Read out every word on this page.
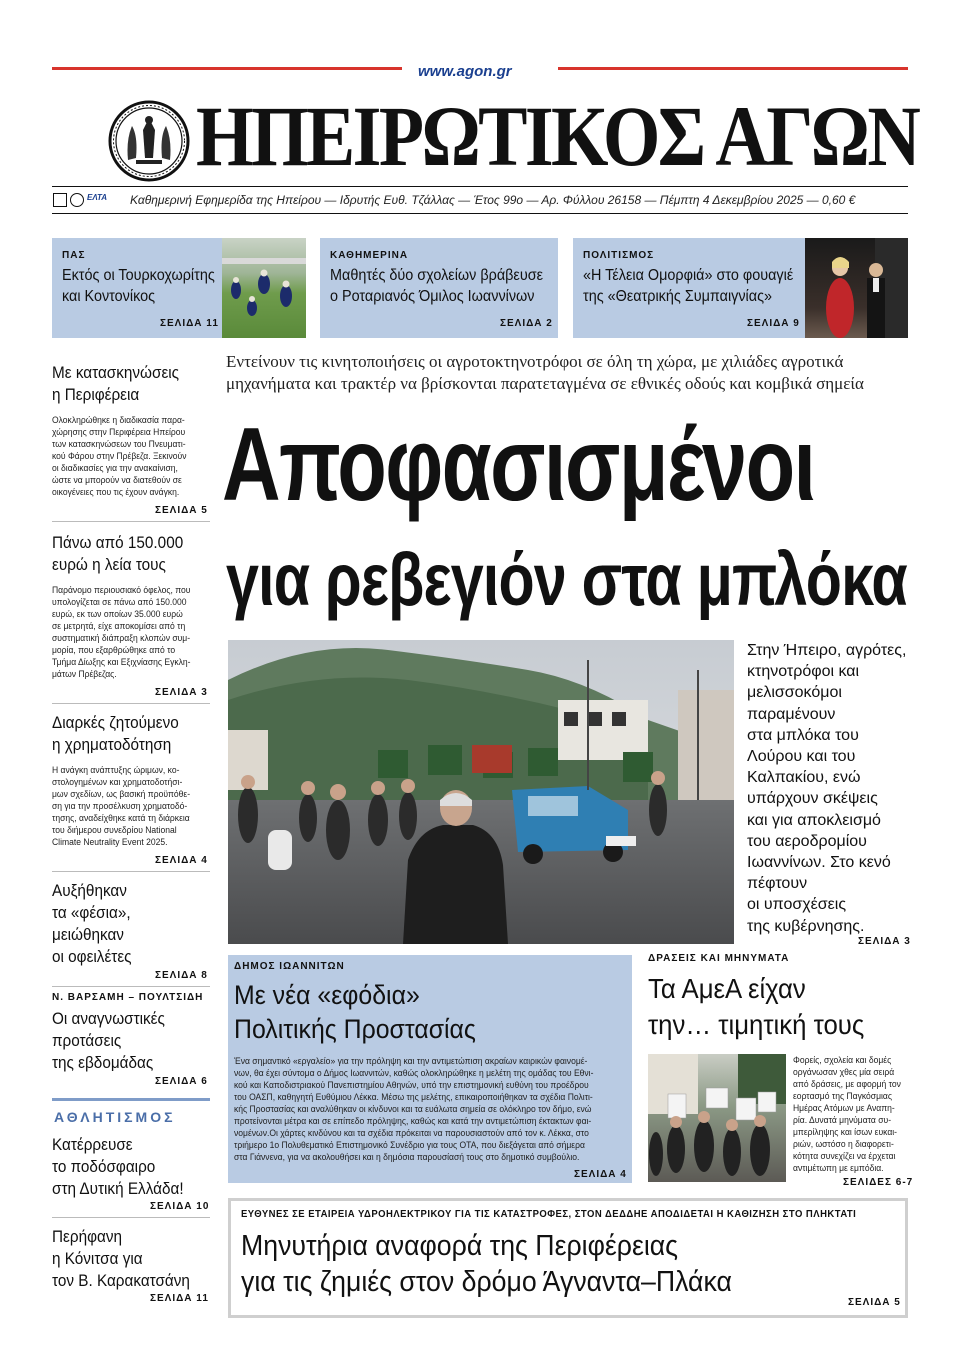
www.agon.gr
ΗΠΕΙΡΩΤΙΚΟΣ ΑΓΩΝ
ΕΛΤΑ Καθημερινή Εφημερίδα της Ηπείρου — Ιδρυτής Ευθ. Τζάλλας — Έτος 99ο — Αρ. Φύλλου 26158 — Πέμπτη 4 Δεκεμβρίου 2025 — 0,60 €
ΠΑΣ
Εκτός οι Τουρκοχωρίτης
και Κοντονίκος
ΣΕΛΙΔΑ 11
ΚΑΘΗΜΕΡΙΝΑ
Μαθητές δύο σχολείων βράβευσε
ο Ροταριανός Όμιλος Ιωαννίνων
ΣΕΛΙΔΑ 2
ΠΟΛΙΤΙΣΜΟΣ
«Η Τέλεια Ομορφιά» στο φουαγιέ
της «Θεατρικής Συμπαιγνίας»
ΣΕΛΙΔΑ 9
Με κατασκηνώσεις
η Περιφέρεια
Ολοκληρώθηκε η διαδικασία παρα-
χώρησης στην Περιφέρεια Ηπείρου
των κατασκηνώσεων του Πνευματι-
κού Φάρου στην Πρέβεζα. Ξεκινούν
οι διαδικασίες για την ανακαίνιση,
ώστε να μπορούν να διατεθούν σε
οικογένειες που τις έχουν ανάγκη.
ΣΕΛΙΔΑ 5
Πάνω από 150.000
ευρώ η λεία τους
Παράνομο περιουσιακό όφελος, που
υπολογίζεται σε πάνω από 150.000
ευρώ, εκ των οποίων 35.000 ευρώ
σε μετρητά, είχε αποκομίσει από τη
συστηματική διάπραξη κλοπών συμ-
μορία, που εξαρθρώθηκε από το
Τμήμα Δίωξης και Εξιχνίασης Εγκλη-
μάτων Πρέβεζας.
ΣΕΛΙΔΑ 3
Διαρκές ζητούμενο
η χρηματοδότηση
Η ανάγκη ανάπτυξης ώριμων, κο-
στολογημένων και χρηματοδοτήσι-
μων σχεδίων, ως βασική προϋπόθε-
ση για την προσέλκυση χρηματοδό-
τησης, αναδείχθηκε κατά τη διάρκεια
του διήμερου συνεδρίου National
Climate Neutrality Event 2025.
ΣΕΛΙΔΑ 4
Αυξήθηκαν
τα «φέσια»,
μειώθηκαν
οι οφειλέτες
ΣΕΛΙΔΑ 8
Ν. ΒΑΡΣΑΜΗ – ΠΟΥΛΤΣΙΔΗ
Οι αναγνωστικές
προτάσεις
της εβδομάδας
ΣΕΛΙΔΑ 6
ΑΘΛΗΤΙΣΜΟΣ
Κατέρρευσε
το ποδόσφαιρο
στη Δυτική Ελλάδα!
ΣΕΛΙΔΑ 10
Περήφανη
η Κόνιτσα για
τον Β. Καρακατσάνη
ΣΕΛΙΔΑ 11
Εντείνουν τις κινητοποιήσεις οι αγροτοκτηνοτρόφοι σε όλη τη χώρα, με χιλιάδες αγροτικά μηχανήματα και τρακτέρ να βρίσκονται παρατεταγμένα σε εθνικές οδούς και κομβικά σημεία
Αποφασισμένοι
για ρεβεγιόν στα μπλόκα
Στην Ήπειρο, αγρότες,
κτηνοτρόφοι και
μελισσοκόμοι
παραμένουν
στα μπλόκα του
Λούρου και του
Καλπακίου, ενώ
υπάρχουν σκέψεις
και για αποκλεισμό
του αεροδρομίου
Ιωαννίνων. Στο κενό
πέφτουν
οι υποσχέσεις
της κυβέρνησης.
ΣΕΛΙΔΑ 3
ΔΗΜΟΣ ΙΩΑΝΝΙΤΩΝ
Με νέα «εφόδια»
Πολιτικής Προστασίας
Ένα σημαντικό «εργαλείο» για την πρόληψη και την αντιμετώπιση ακραίων καιρικών φαινομέ-
νων, θα έχει σύντομα ο Δήμος Ιωαννιτών, καθώς ολοκληρώθηκε η μελέτη της ομάδας του Εθνι-
κού και Καποδιστριακού Πανεπιστημίου Αθηνών, υπό την επιστημονική ευθύνη του προέδρου
του ΟΑΣΠ, καθηγητή Ευθύμιου Λέκκα. Μέσω της μελέτης, επικαιροποιήθηκαν τα σχέδια Πολιτι-
κής Προστασίας και αναλύθηκαν οι κίνδυνοι και τα ευάλωτα σημεία σε ολόκληρο τον δήμο, ενώ
προτείνονται μέτρα και σε επίπεδο πρόληψης, καθώς και κατά την αντιμετώπιση έκτακτων φαι-
νομένων.Οι χάρτες κινδύνου και τα σχέδια πρόκειται να παρουσιαστούν από τον κ. Λέκκα, στο
τριήμερο 1ο Πολυθεματικό Επιστημονικό Συνέδριο για τους ΟΤΑ, που διεξάγεται από σήμερα
στα Γιάννενα, για να ακολουθήσει και η δημόσια παρουσίασή τους στο δημοτικό συμβούλιο.
ΣΕΛΙΔΑ 4
ΔΡΑΣΕΙΣ ΚΑΙ ΜΗΝΥΜΑΤΑ
Τα ΑμεΑ είχαν
την… τιμητική τους
Φορείς, σχολεία και δομές
οργάνωσαν χθες μία σειρά
από δράσεις, με αφορμή τον
εορτασμό της Παγκόσμιας
Ημέρας Ατόμων με Αναπη-
ρία. Δυνατά μηνύματα συ-
μπερίληψης και ίσων ευκαι-
ριών, ωστόσο η διαφορετι-
κότητα συνεχίζει να έρχεται
αντιμέτωπη με εμπόδια.
ΣΕΛΙΔΕΣ 6-7
ΕΥΘΥΝΕΣ ΣΕ ΕΤΑΙΡΕΙΑ ΥΔΡΟΗΛΕΚΤΡΙΚΟΥ ΓΙΑ ΤΙΣ ΚΑΤΑΣΤΡΟΦΕΣ, ΣΤΟΝ ΔΕΔΔΗΕ ΑΠΟΔΙΔΕΤΑΙ Η ΚΑΘΙΖΗΣΗ ΣΤΟ ΠΛΗΚΤΑΤΙ
Μηνυτήρια αναφορά της Περιφέρειας
για τις ζημιές στον δρόμο Άγναντα–Πλάκα
ΣΕΛΙΔΑ 5
